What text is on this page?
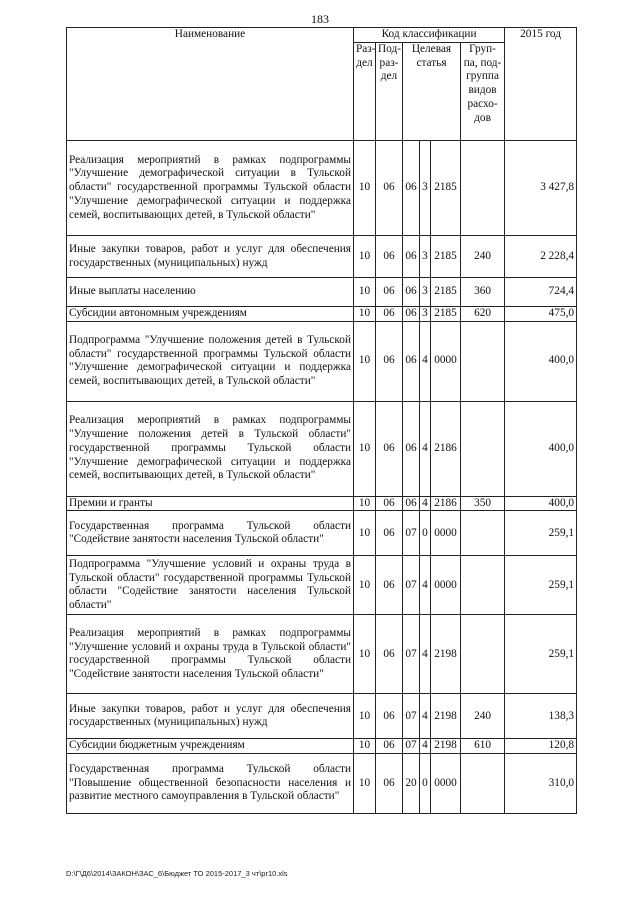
183
Наименование	Код классификации						2015 год
	Раз-дел	Под-раз-дел	Целевая статья			Груп-па, под-группа видов расхо-дов	
Реализация мероприятий в рамках подпрограммы "Улучшение демографической ситуации в Тульской области" государственной программы Тульской области "Улучшение демографической ситуации и поддержка семей, воспитывающих детей, в Тульской области"	10	06	06	3	2185		3 427,8
Иные закупки товаров, работ и услуг для обеспечения государственных (муниципальных) нужд	10	06	06	3	2185	240	2 228,4
Иные выплаты населению	10	06	06	3	2185	360	724,4
Субсидии автономным учреждениям	10	06	06	3	2185	620	475,0
Подпрограмма "Улучшение положения детей в Тульской области" государственной программы Тульской области "Улучшение демографической ситуации и поддержка семей, воспитывающих детей, в Тульской области"	10	06	06	4	0000		400,0
Реализация мероприятий в рамках подпрограммы "Улучшение положения детей в Тульской области" государственной программы Тульской области "Улучшение демографической ситуации и поддержка семей, воспитывающих детей, в Тульской области"	10	06	06	4	2186		400,0
Премии и гранты	10	06	06	4	2186	350	400,0
Государственная программа Тульской области "Содействие занятости населения Тульской области"	10	06	07	0	0000		259,1
Подпрограмма "Улучшение условий и охраны труда в Тульской области" государственной программы Тульской области "Содействие занятости населения Тульской области"	10	06	07	4	0000		259,1
Реализация мероприятий в рамках подпрограммы "Улучшение условий и охраны труда в Тульской области" государственной программы Тульской области "Содействие занятости населения Тульской области"	10	06	07	4	2198		259,1
Иные закупки товаров, работ и услуг для обеспечения государственных (муниципальных) нужд	10	06	07	4	2198	240	138,3
Субсидии бюджетным учреждениям	10	06	07	4	2198	610	120,8
Государственная программа Тульской области "Повышение общественной безопасности населения и развитие местного самоуправления в Тульской области"	10	06	20	0	0000		310,0
D:\Г\Д6\2014\ЗАКОН\ЗАС_6\Бюджет ТО 2015-2017_3 чт\pr10.xls
